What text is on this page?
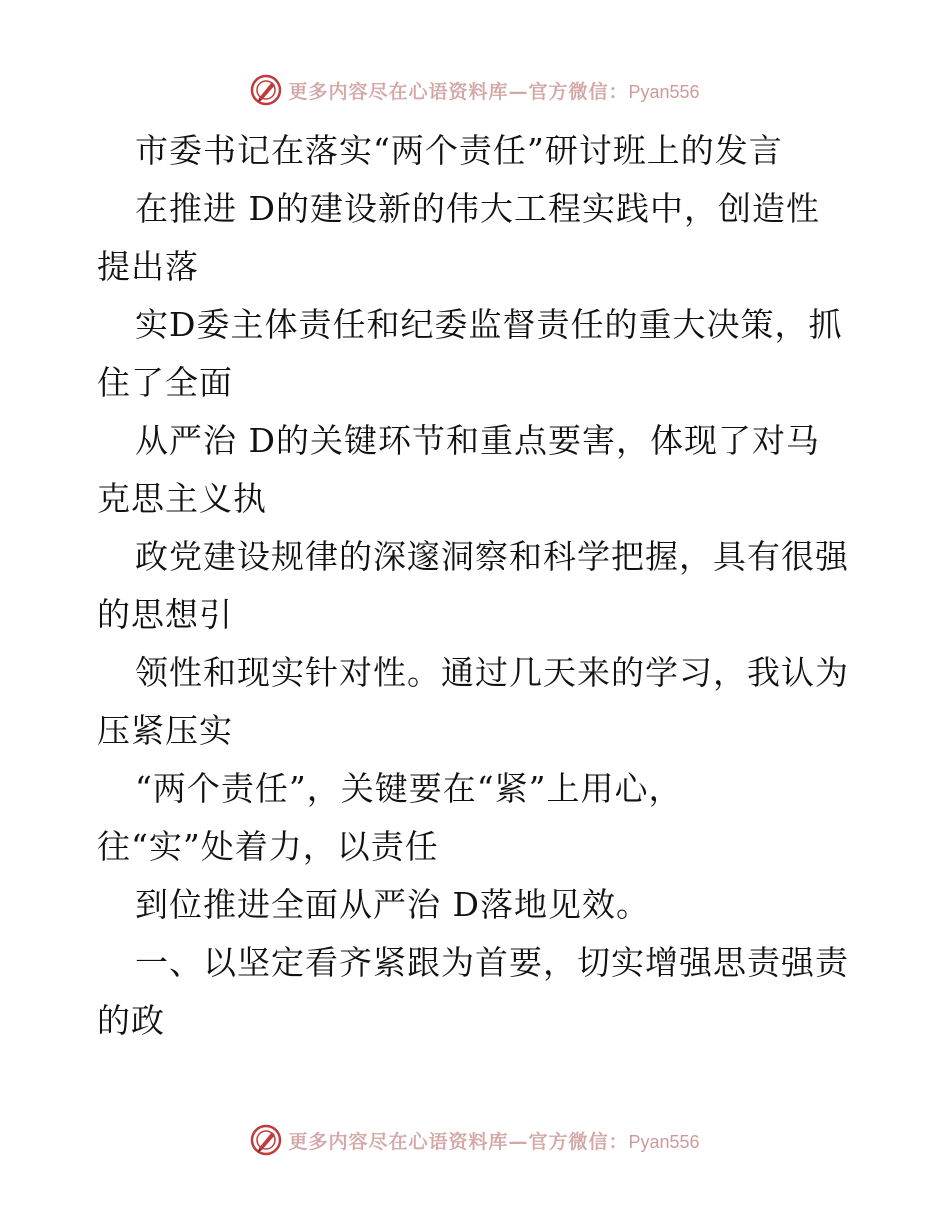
更多内容尽在心语资料库—官方微信：Pyan556
市委书记在落实“两个责任”研讨班上的发言
在推进 D的建设新的伟大工程实践中，创造性
提出落
实D委主体责任和纪委监督责任的重大决策，抓
住了全面
从严治 D的关键环节和重点要害，体现了对马
克思主义执
政党建设规律的深邃洞察和科学把握，具有很强
的思想引
领性和现实针对性。通过几天来的学习，我认为
压紧压实
“两个责任”，关键要在“紧”上用心，
往“实”处着力，以责任
到位推进全面从严治 D落地见效。
一、以坚定看齐紧跟为首要，切实增强思责强责
的政
更多内容尽在心语资料库—官方微信：Pyan556
